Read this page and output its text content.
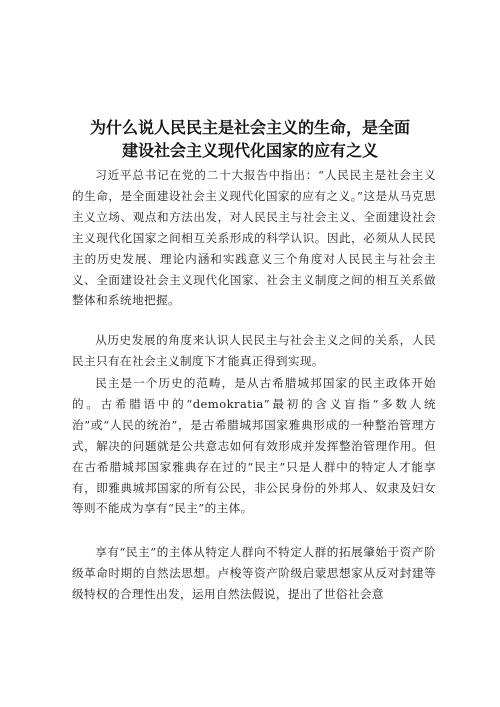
为什么说人民民主是社会主义的生命，是全面
建设社会主义现代化国家的应有之义

习近平总书记在党的二十大报告中指出：“人民民主是社会主义的生命，是全面建设社会主义现代化国家的应有之义。”这是从马克思主义立场、观点和方法出发，对人民民主与社会主义、全面建设社会主义现代化国家之间相互关系形成的科学认识。因此，必须从人民民主的历史发展、理论内涵和实践意义三个角度对人民民主与社会主义、全面建设社会主义现代化国家、社会主义制度之间的相互关系做整体和系统地把握。

从历史发展的角度来认识人民民主与社会主义之间的关系，人民民主只有在社会主义制度下才能真正得到实现。

民主是一个历史的范畴，是从古希腊城邦国家的民主政体开始的。古希腊语中的“demokratia”最初的含义盲指“多数人统治”或“人民的统治”，是古希腊城邦国家雅典形成的一种整治管理方式，解决的问题就是公共意志如何有效形成并发挥整治管理作用。但在古希腊城邦国家雅典存在过的“民主”只是人群中的特定人才能享有，即雅典城邦国家的所有公民，非公民身份的外邦人、奴隶及妇女等则不能成为享有“民主”的主体。

享有“民主”的主体从特定人群向不特定人群的拓展肇始于资产阶级革命时期的自然法思想。卢梭等资产阶级启蒙思想家从反对封建等级特权的合理性出发，运用自然法假说，提出了世俗社会意
